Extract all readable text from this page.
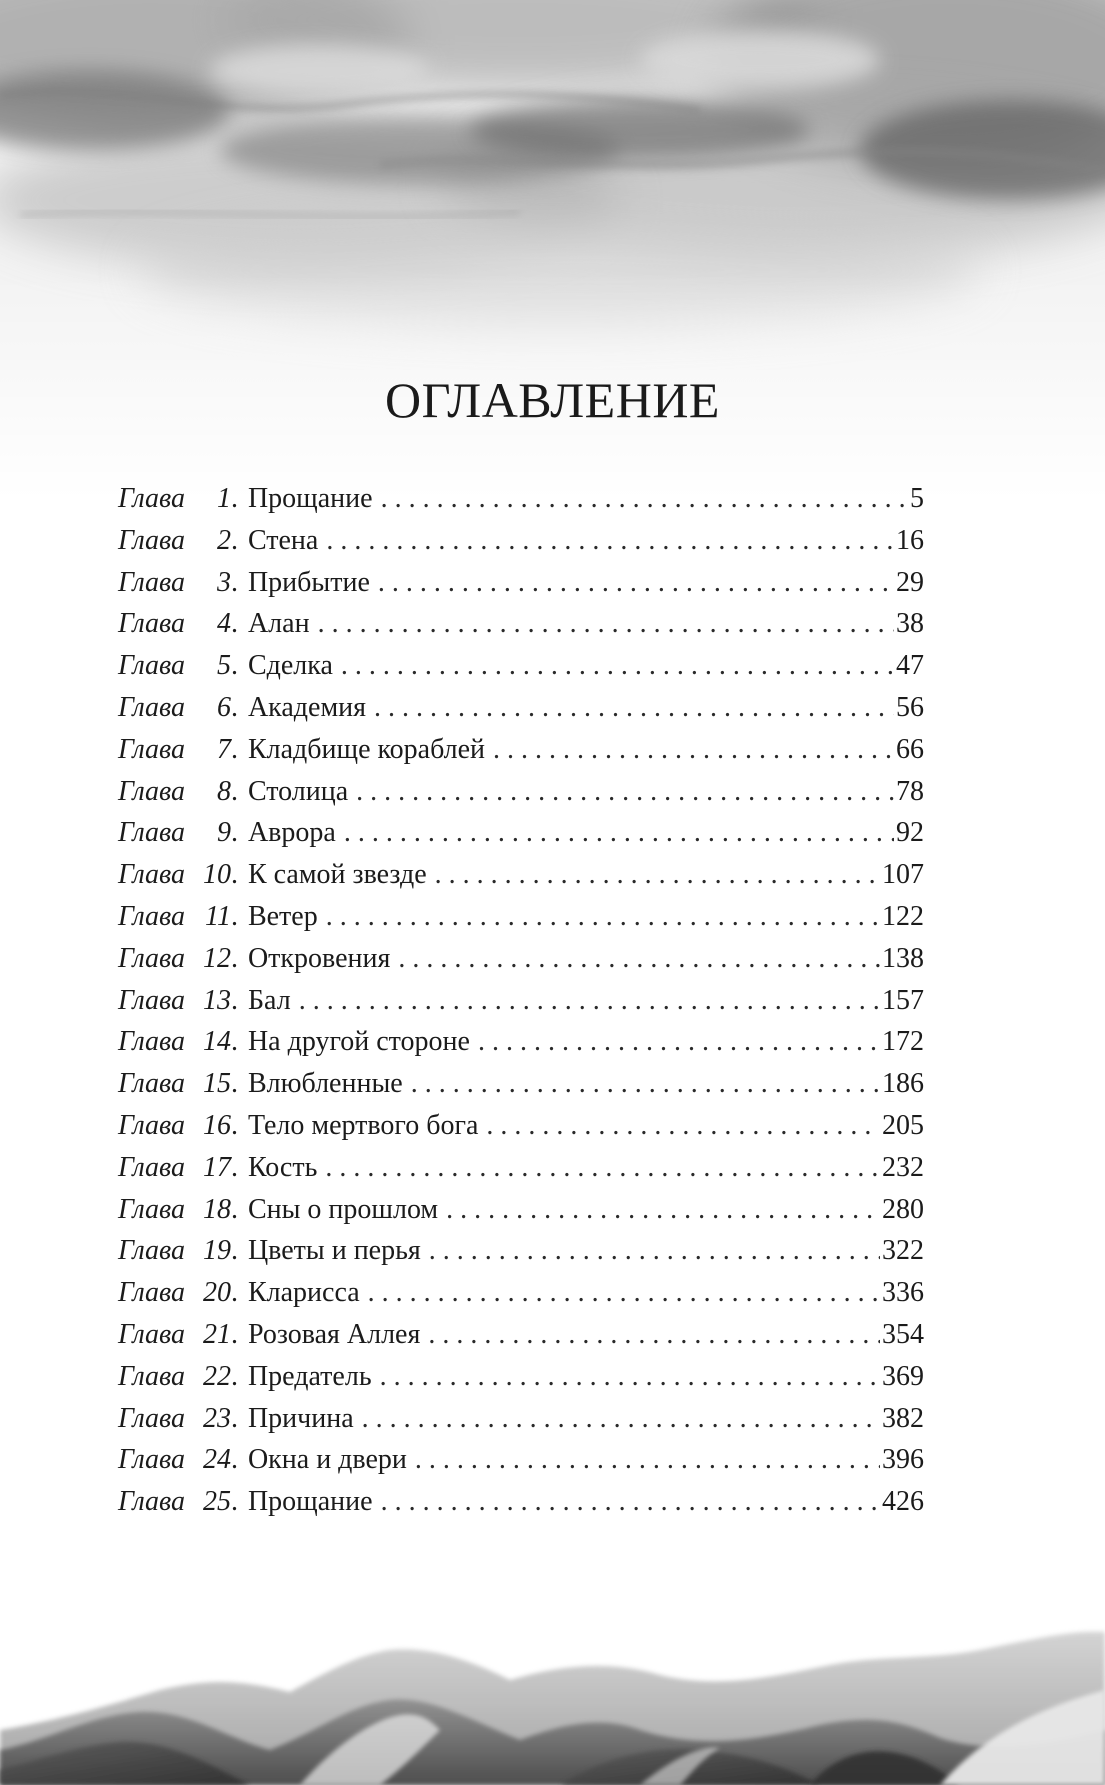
ОГЛАВЛЕНИЕ
Глава	1 . Прощание . . .	5
Глава	2 . Стена . . .	16
Глава	3 . Прибытие . . .	29
Глава	4 . Алан . . .	38
Глава	5 . Сделка . . .	47
Глава	6 . Академия . . .	56
Глава	7 . Кладбище кораблей . . .	66
Глава	8 . Столица . . .	78
Глава	9 . Аврора . . .	92
Глава 10 . К самой звезде . . .	107
Глава 11 . Ветер . . .	122
Глава 12 . Откровения . . .	138
Глава 13 . Бал . . .	157
Глава 14 . На другой стороне . . .	172
Глава 15 . Влюбленные . . .	186
Глава 16 . Тело мертвого бога . . .	205
Глава 17 . Кость . . .	232
Глава 18 . Сны о прошлом . . .	280
Глава 19 . Цветы и перья . . .	322
Глава 20 . Кларисса . . .	336
Глава 21 . Розовая Аллея . . .	354
Глава 22 . Предатель . . .	369
Глава 23 . Причина . . .	382
Глава 24 . Окна и двери . . .	396
Глава 25 . Прощание . . .	426
